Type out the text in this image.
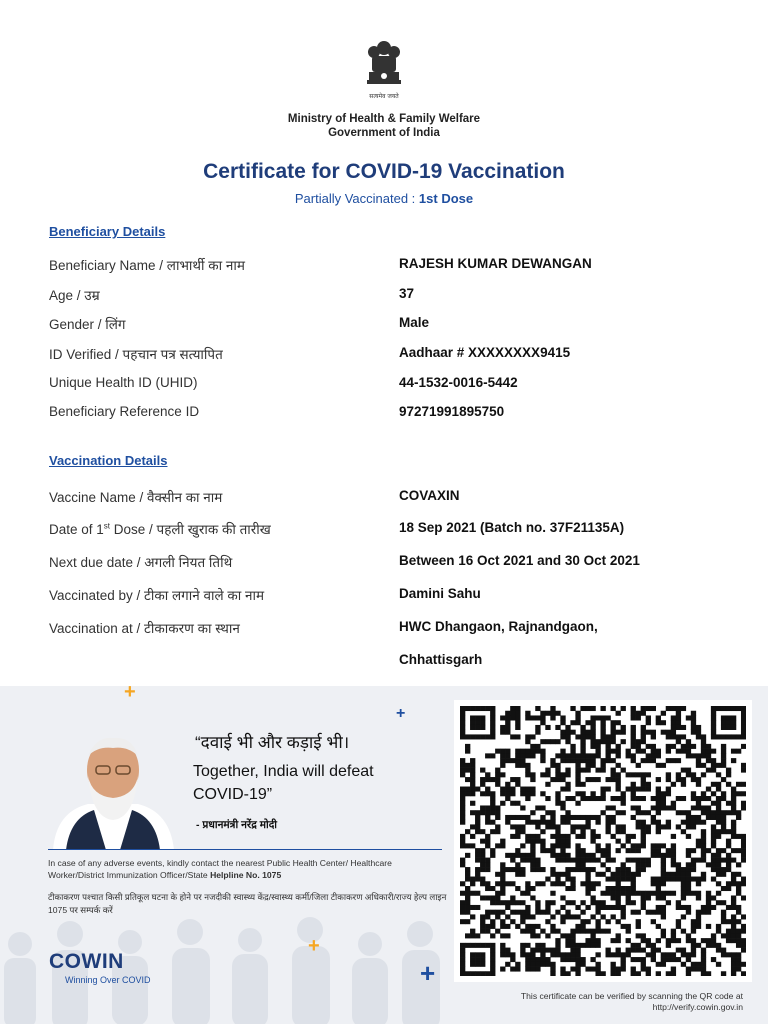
सत्यमेव जयते
Ministry of Health & Family Welfare
Government of India
Certificate for COVID-19 Vaccination
Partially Vaccinated : 1st Dose
Beneficiary Details
Beneficiary Name / लाभार्थी का नाम	RAJESH KUMAR DEWANGAN
Age / उम्र	37
Gender / लिंग	Male
ID Verified / पहचान पत्र सत्यापित	Aadhaar # XXXXXXXX9415
Unique Health ID (UHID)	44-1532-0016-5442
Beneficiary Reference ID	97271991895750
Vaccination Details
Vaccine Name / वैक्सीन का नाम	COVAXIN
Date of 1st Dose / पहली खुराक की तारीख	18 Sep 2021 (Batch no. 37F21135A)
Next due date / अगली नियत तिथि	Between 16 Oct 2021 and 30 Oct 2021
Vaccinated by / टीका लगाने वाले का नाम	Damini Sahu
Vaccination at / टीकाकरण का स्थान	HWC Dhangaon, Rajnandgaon,
Chhattisgarh
+
+
+
+
“दवाई भी और कड़ाई भी।
Together, India will defeat COVID-19”
- प्रधानमंत्री नरेंद्र मोदी
In case of any adverse events, kindly contact the nearest Public Health Center/ Healthcare Worker/District Immunization Officer/State Helpline No. 1075
टीकाकरण पश्चात किसी प्रतिकूल घटना के होने पर नजदीकी स्वास्थ्य केंद्र/स्वास्थ्य कर्मी/जिला टीकाकरण अधिकारी/राज्य हेल्प लाइन 1075 पर सम्पर्क करें
COWIN
Winning Over COVID
This certificate can be verified by scanning the QR code at
http://verify.cowin.gov.in
